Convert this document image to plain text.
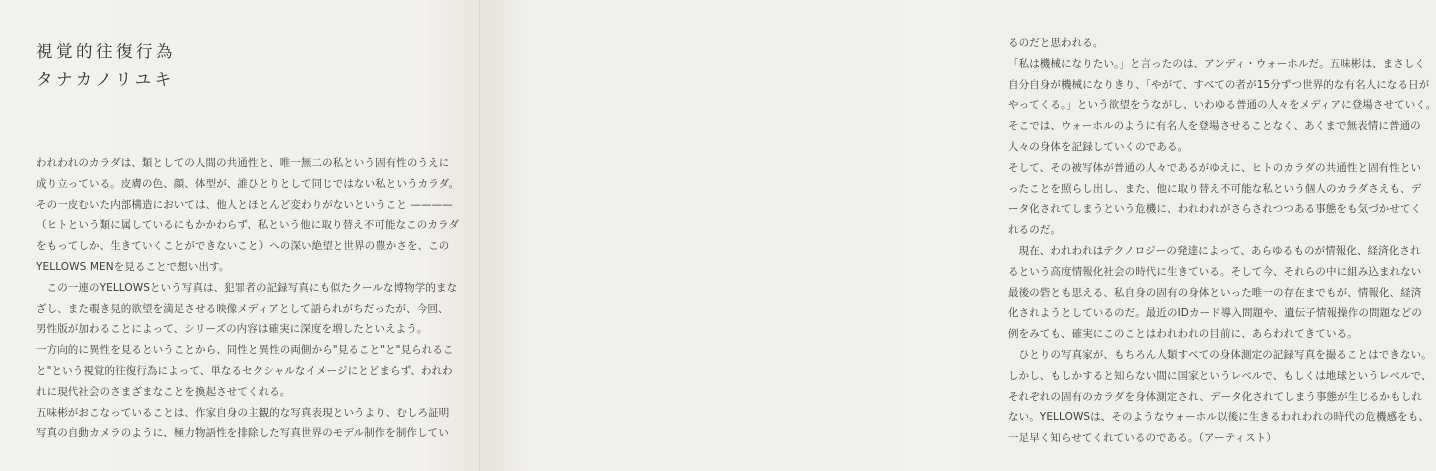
視覚的往復行為
タナカノリユキ
われわれのカラダは、類としての人間の共通性と、唯一無二の私という固有性のうえに
成り立っている。皮膚の色、顔、体型が、誰ひとりとして同じではない私というカラダ。
その一皮むいた内部構造においては、他人とほとんど変わりがないということ ————
（ヒトという類に属しているにもかかわらず、私という他に取り替え不可能なこのカラダ
をもってしか、生きていくことができないこと）への深い絶望と世界の豊かさを、この
YELLOWS MENを見ることで想い出す。
　この一連のYELLOWSという写真は、犯罪者の記録写真にも似たクールな博物学的まな
ざし、また覗き見的欲望を満足させる映像メディアとして語られがちだったが、今回、
男性版が加わることによって、シリーズの内容は確実に深度を増したといえよう。
一方向的に異性を見るということから、同性と異性の両側から"見ること"と"見られるこ
と"という視覚的往復行為によって、単なるセクシャルなイメージにとどまらず、われわ
れに現代社会のさまざまなことを換起させてくれる。
五味彬がおこなっていることは、作家自身の主観的な写真表現というより、むしろ証明
写真の自動カメラのように、極力物語性を排除した写真世界のモデル制作を制作してい
るのだと思われる。
「私は機械になりたい。」と言ったのは、アンディ・ウォーホルだ。五味彬は、まさしく
自分自身が機械になりきり、「やがて、すべての者が15分ずつ世界的な有名人になる日が
やってくる。」という欲望をうながし、いわゆる普通の人々をメディアに登場させていく。
そこでは、ウォーホルのように有名人を登場させることなく、あくまで無表情に普通の
人々の身体を記録していくのである。
そして、その被写体が普通の人々であるがゆえに、ヒトのカラダの共通性と固有性とい
ったことを照らし出し、また、他に取り替え不可能な私という個人のカラダさえも、デ
ータ化されてしまうという危機に、われわれがさらされつつある事態をも気づかせてく
れるのだ。
　現在、われわれはテクノロジーの発達によって、あらゆるものが情報化、経済化され
るという高度情報化社会の時代に生きている。そして今、それらの中に組み込まれない
最後の砦とも思える、私自身の固有の身体といった唯一の存在までもが、情報化、経済
化されようとしているのだ。最近のIDカード導入問題や、遺伝子情報操作の問題などの
例をみても、確実にこのことはわれわれの目前に、あらわれてきている。
　ひとりの写真家が、もちろん人類すべての身体測定の記録写真を撮ることはできない。
しかし、もしかすると知らない間に国家というレベルで、もしくは地球というレベルで、
それぞれの固有のカラダを身体測定され、データ化されてしまう事態が生じるかもしれ
ない。YELLOWSは、そのようなウォーホル以後に生きるわれわれの時代の危機感をも、
一足早く知らせてくれているのである。（アーティスト）
